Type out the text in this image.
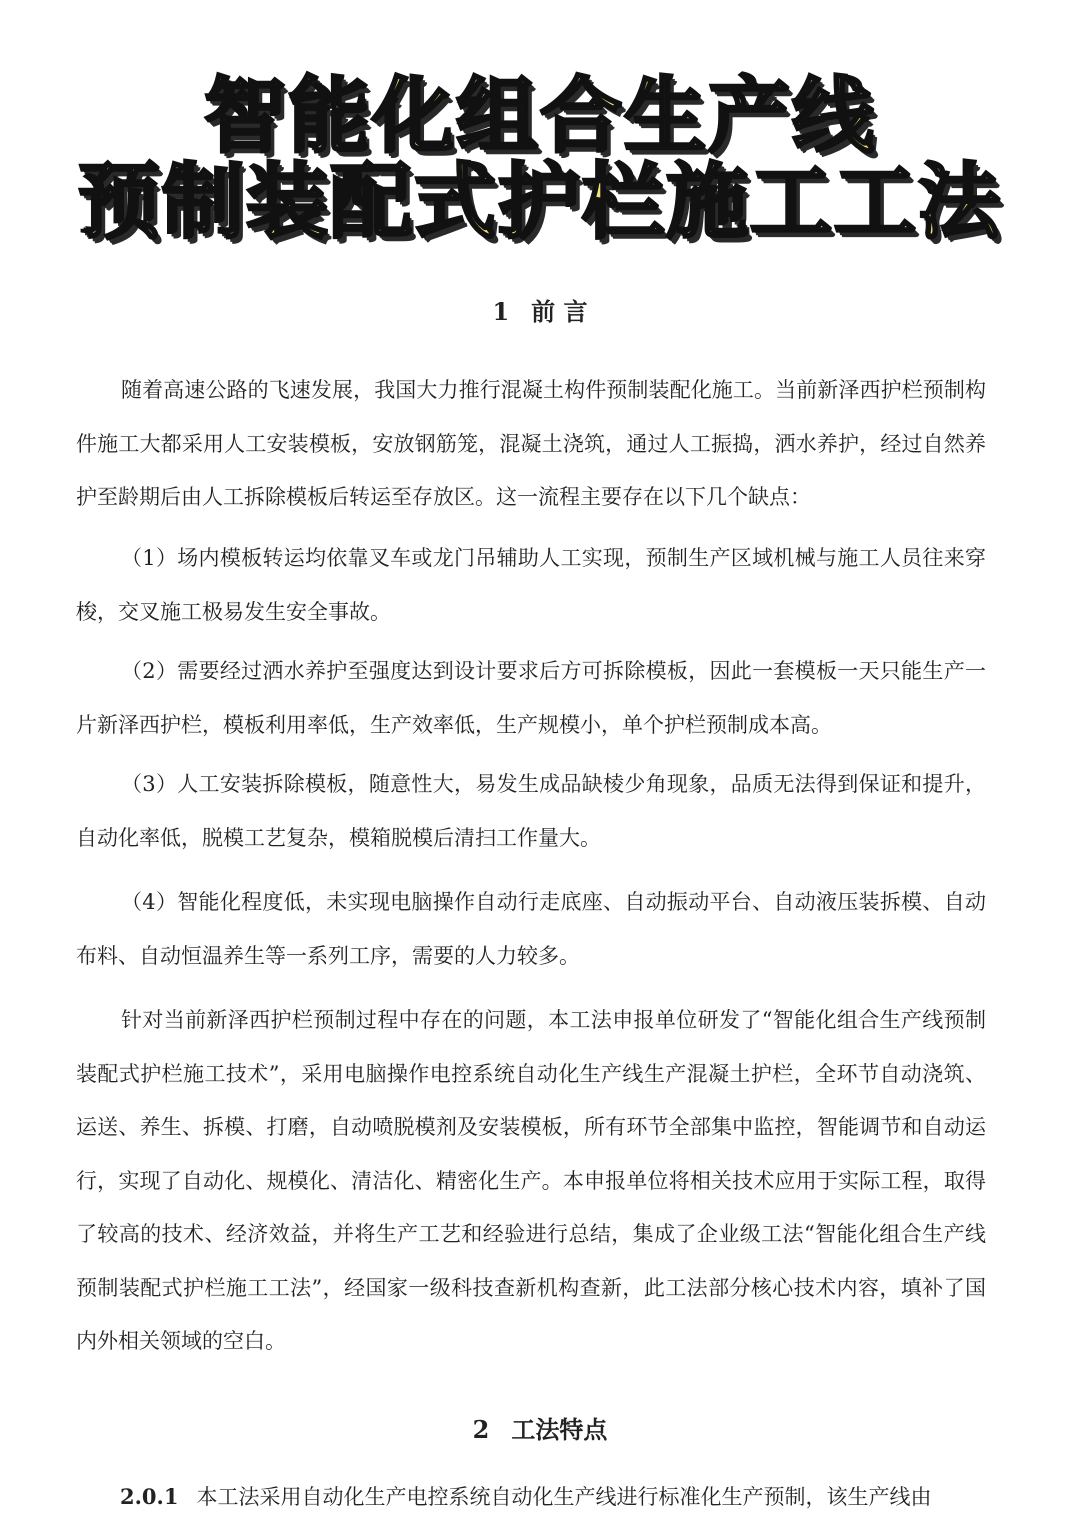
智能化组合生产线
预制装配式护栏施工工法
1 前 言

随着高速公路的飞速发展，我国大力推行混凝土构件预制装配化施工。当前新泽西护栏预制构件施工大都采用人工安装模板，安放钢筋笼，混凝土浇筑，通过人工振捣，洒水养护，经过自然养护至龄期后由人工拆除模板后转运至存放区。这一流程主要存在以下几个缺点：

（1）场内模板转运均依靠叉车或龙门吊辅助人工实现，预制生产区域机械与施工人员往来穿梭，交叉施工极易发生安全事故。

（2）需要经过洒水养护至强度达到设计要求后方可拆除模板，因此一套模板一天只能生产一片新泽西护栏，模板利用率低，生产效率低，生产规模小，单个护栏预制成本高。

（3）人工安装拆除模板，随意性大，易发生成品缺棱少角现象，品质无法得到保证和提升，自动化率低，脱模工艺复杂，模箱脱模后清扫工作量大。

（4）智能化程度低，未实现电脑操作自动行走底座、自动振动平台、自动液压装拆模、自动布料、自动恒温养生等一系列工序，需要的人力较多。

针对当前新泽西护栏预制过程中存在的问题，本工法申报单位研发了“智能化组合生产线预制装配式护栏施工技术”，采用电脑操作电控系统自动化生产线生产混凝土护栏，全环节自动浇筑、运送、养生、拆模、打磨，自动喷脱模剂及安装模板，所有环节全部集中监控，智能调节和自动运行，实现了自动化、规模化、清洁化、精密化生产。本申报单位将相关技术应用于实际工程，取得了较高的技术、经济效益，并将生产工艺和经验进行总结，集成了企业级工法“智能化组合生产线预制装配式护栏施工工法”，经国家一级科技查新机构查新，此工法部分核心技术内容，填补了国内外相关领域的空白。

2 工法特点

2.0.1 本工法采用自动化生产电控系统自动化生产线进行标准化生产预制，该生产线由
